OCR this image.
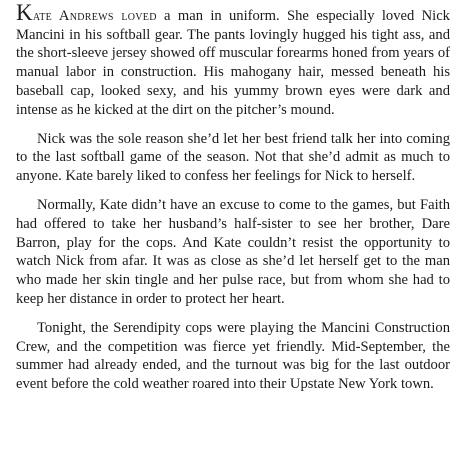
Kate Andrews loved a man in uniform. She especially loved Nick Mancini in his softball gear. The pants lovingly hugged his tight ass, and the short-sleeve jersey showed off muscular forearms honed from years of manual labor in construction. His mahogany hair, messed beneath his baseball cap, looked sexy, and his yummy brown eyes were dark and intense as he kicked at the dirt on the pitcher’s mound.

Nick was the sole reason she’d let her best friend talk her into coming to the last softball game of the season. Not that she’d admit as much to anyone. Kate barely liked to confess her feelings for Nick to herself.

Normally, Kate didn’t have an excuse to come to the games, but Faith had offered to take her husband’s half-sister to see her brother, Dare Barron, play for the cops. And Kate couldn’t resist the opportunity to watch Nick from afar. It was as close as she’d let herself get to the man who made her skin tingle and her pulse race, but from whom she had to keep her distance in order to protect her heart.

Tonight, the Serendipity cops were playing the Mancini Construction Crew, and the competition was fierce yet friendly. Mid-September, the summer had already ended, and the turnout was big for the last outdoor event before the cold weather roared into their Upstate New York town.
